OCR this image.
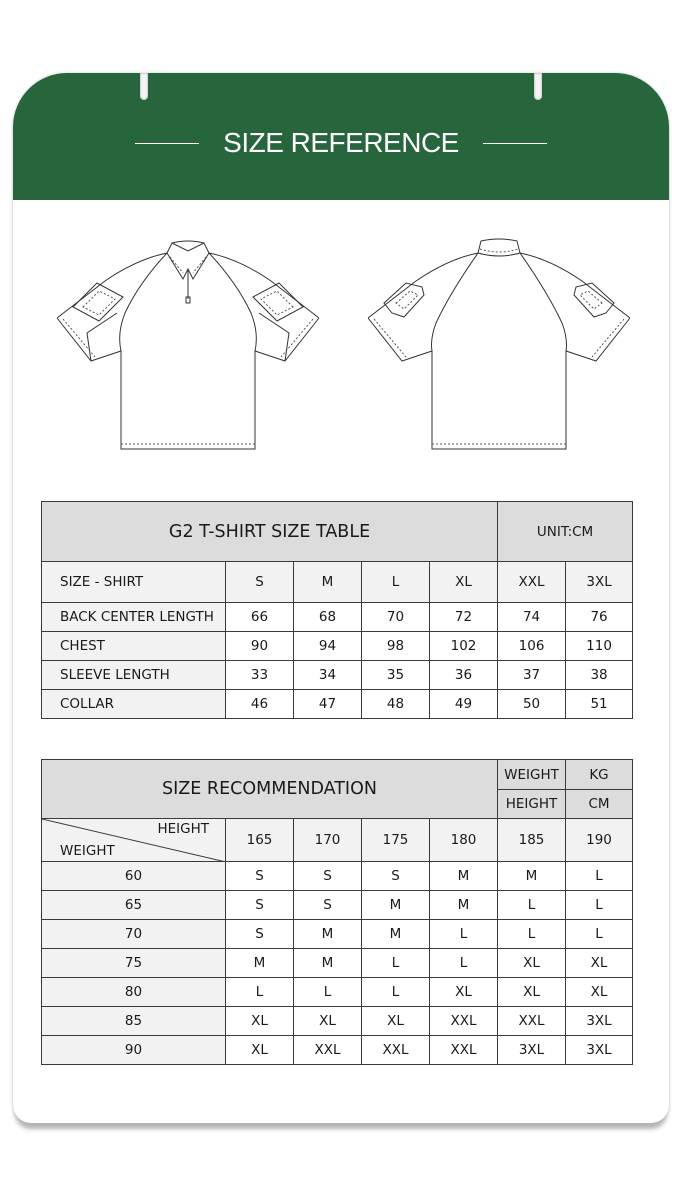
SIZE REFERENCE
G2 T-SHIRT SIZE TABLE					UNIT:CM	
SIZE - SHIRT	S	M	L	XL	XXL	3XL
BACK CENTER LENGTH	66	68	70	72	74	76
CHEST	90	94	98	102	106	110
SLEEVE LENGTH	33	34	35	36	37	38
COLLAR	46	47	48	49	50	51
SIZE RECOMMENDATION					WEIGHT	KG
					HEIGHT	CM

HEIGHT
WEIGHT	165	170	175	180	185	190
60	S	S	S	M	M	L
65	S	S	M	M	L	L
70	S	M	M	L	L	L
75	M	M	L	L	XL	XL
80	L	L	L	XL	XL	XL
85	XL	XL	XL	XXL	XXL	3XL
90	XL	XXL	XXL	XXL	3XL	3XL
